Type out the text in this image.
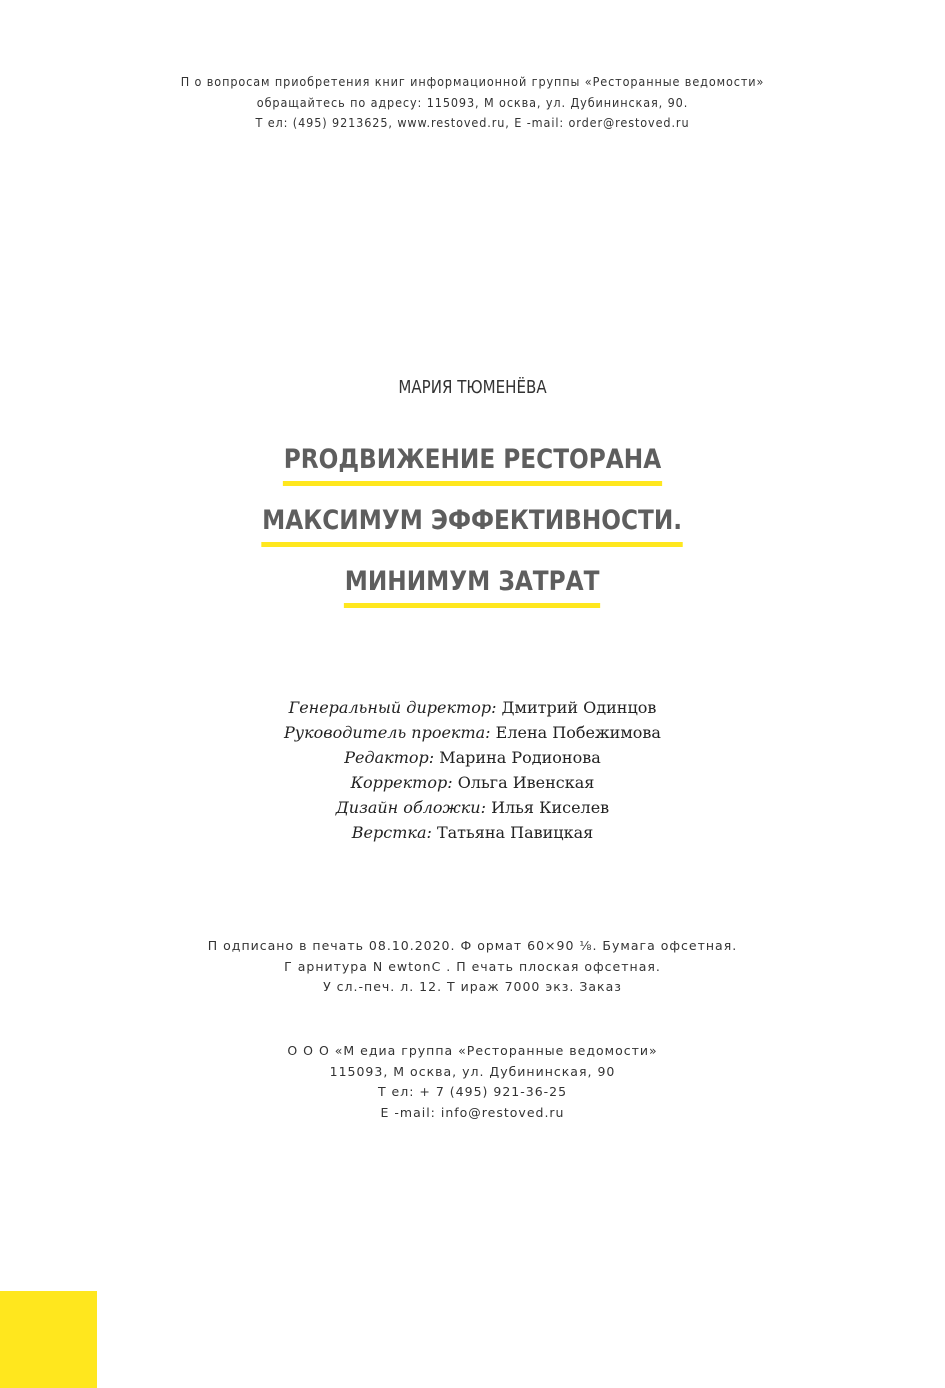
П о вопросам приобретения книг информационной группы «Ресторанные ведомости»
обращайтесь по адресу: 115093, М осква, ул. Дубининская, 90.
Т ел: (495) 9213625, www.restoved.ru, E -mail: order@restoved.ru
МАРИЯ ТЮМЕНЁВА
PRОДВИЖЕНИЕ РЕСТОРАНА
МАКСИМУМ ЭФФЕКТИВНОСТИ.
МИНИМУМ ЗАТРАТ
Генеральный директор: Дмитрий Одинцов
Руководитель проекта: Елена Побежимова
Редактор: Марина Родионова
Корректор: Ольга Ивенская
Дизайн обложки: Илья Киселев
Верстка: Татьяна Павицкая
П одписано в печать 08.10.2020. Ф ормат 60×90 ⅛. Бумага офсетная.
Г арнитура N ewtonC . П ечать плоская офсетная.
У сл.-печ. л. 12. Т ираж 7000 экз. Заказ
О О О «М едиа группа «Ресторанные ведомости»
115093, М осква, ул. Дубининская, 90
Т ел: + 7 (495) 921-36-25
E -mail: info@restoved.ru
